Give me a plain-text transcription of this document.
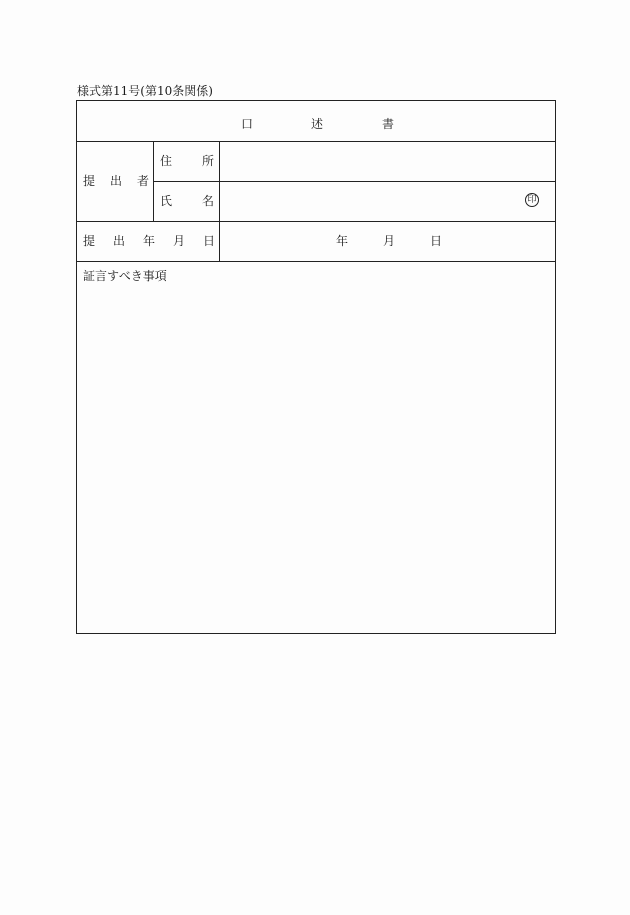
様式第11号(第10条関係)
口	述	書
提 出 者
住 所
氏 名	印
提 出 年 月 日	年	月	日
証言すべき事項
